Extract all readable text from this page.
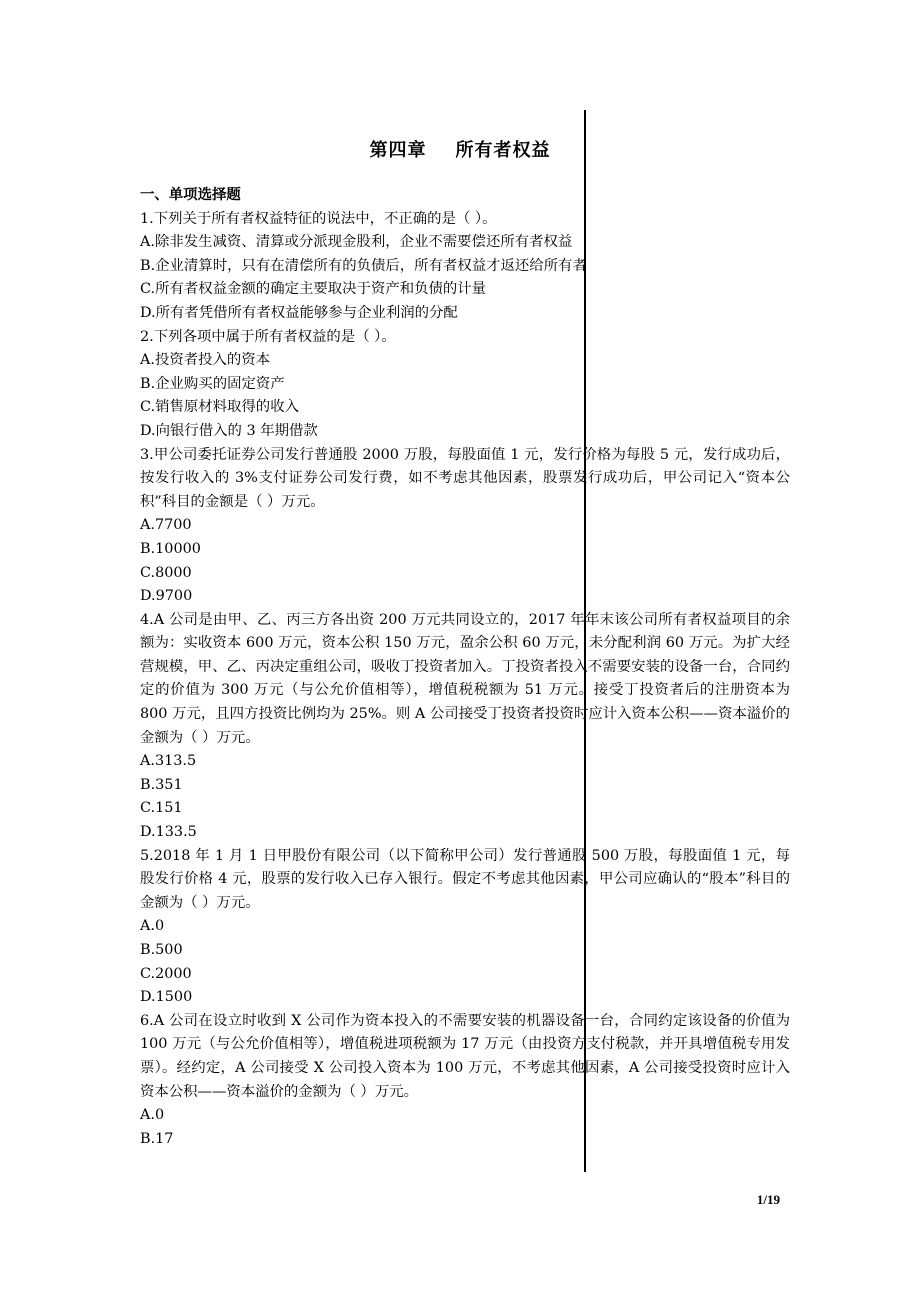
第四章    所有者权益
一、单项选择题
1.下列关于所有者权益特征的说法中，不正确的是（ ）。
A.除非发生减资、清算或分派现金股利，企业不需要偿还所有者权益
B.企业清算时，只有在清偿所有的负债后，所有者权益才返还给所有者
C.所有者权益金额的确定主要取决于资产和负债的计量
D.所有者凭借所有者权益能够参与企业利润的分配
2.下列各项中属于所有者权益的是（ ）。
A.投资者投入的资本
B.企业购买的固定资产
C.销售原材料取得的收入
D.向银行借入的 3 年期借款
3.甲公司委托证券公司发行普通股 2000 万股，每股面值 1 元，发行价格为每股 5 元，发行成功后，按发行收入的 3%支付证券公司发行费，如不考虑其他因素，股票发行成功后，甲公司记入“资本公积”科目的金额是（ ）万元。
A.7700
B.10000
C.8000
D.9700
4.A 公司是由甲、乙、丙三方各出资 200 万元共同设立的，2017 年年末该公司所有者权益项目的余额为：实收资本 600 万元，资本公积 150 万元，盈余公积 60 万元，未分配利润 60 万元。为扩大经营规模，甲、乙、丙决定重组公司，吸收丁投资者加入。丁投资者投入不需要安装的设备一台，合同约定的价值为 300 万元（与公允价值相等），增值税税额为 51 万元。接受丁投资者后的注册资本为 800 万元，且四方投资比例均为 25%。则 A 公司接受丁投资者投资时应计入资本公积——资本溢价的金额为（ ）万元。
A.313.5
B.351
C.151
D.133.5
5.2018 年 1 月 1 日甲股份有限公司（以下简称甲公司）发行普通股 500 万股，每股面值 1 元，每股发行价格 4 元，股票的发行收入已存入银行。假定不考虑其他因素，甲公司应确认的“股本”科目的金额为（ ）万元。
A.0
B.500
C.2000
D.1500
6.A 公司在设立时收到 X 公司作为资本投入的不需要安装的机器设备一台，合同约定该设备的价值为 100 万元（与公允价值相等），增值税进项税额为 17 万元（由投资方支付税款，并开具增值税专用发票）。经约定，A 公司接受 X 公司投入资本为 100 万元，不考虑其他因素，A 公司接受投资时应计入资本公积——资本溢价的金额为（ ）万元。
A.0
B.17
1/19
